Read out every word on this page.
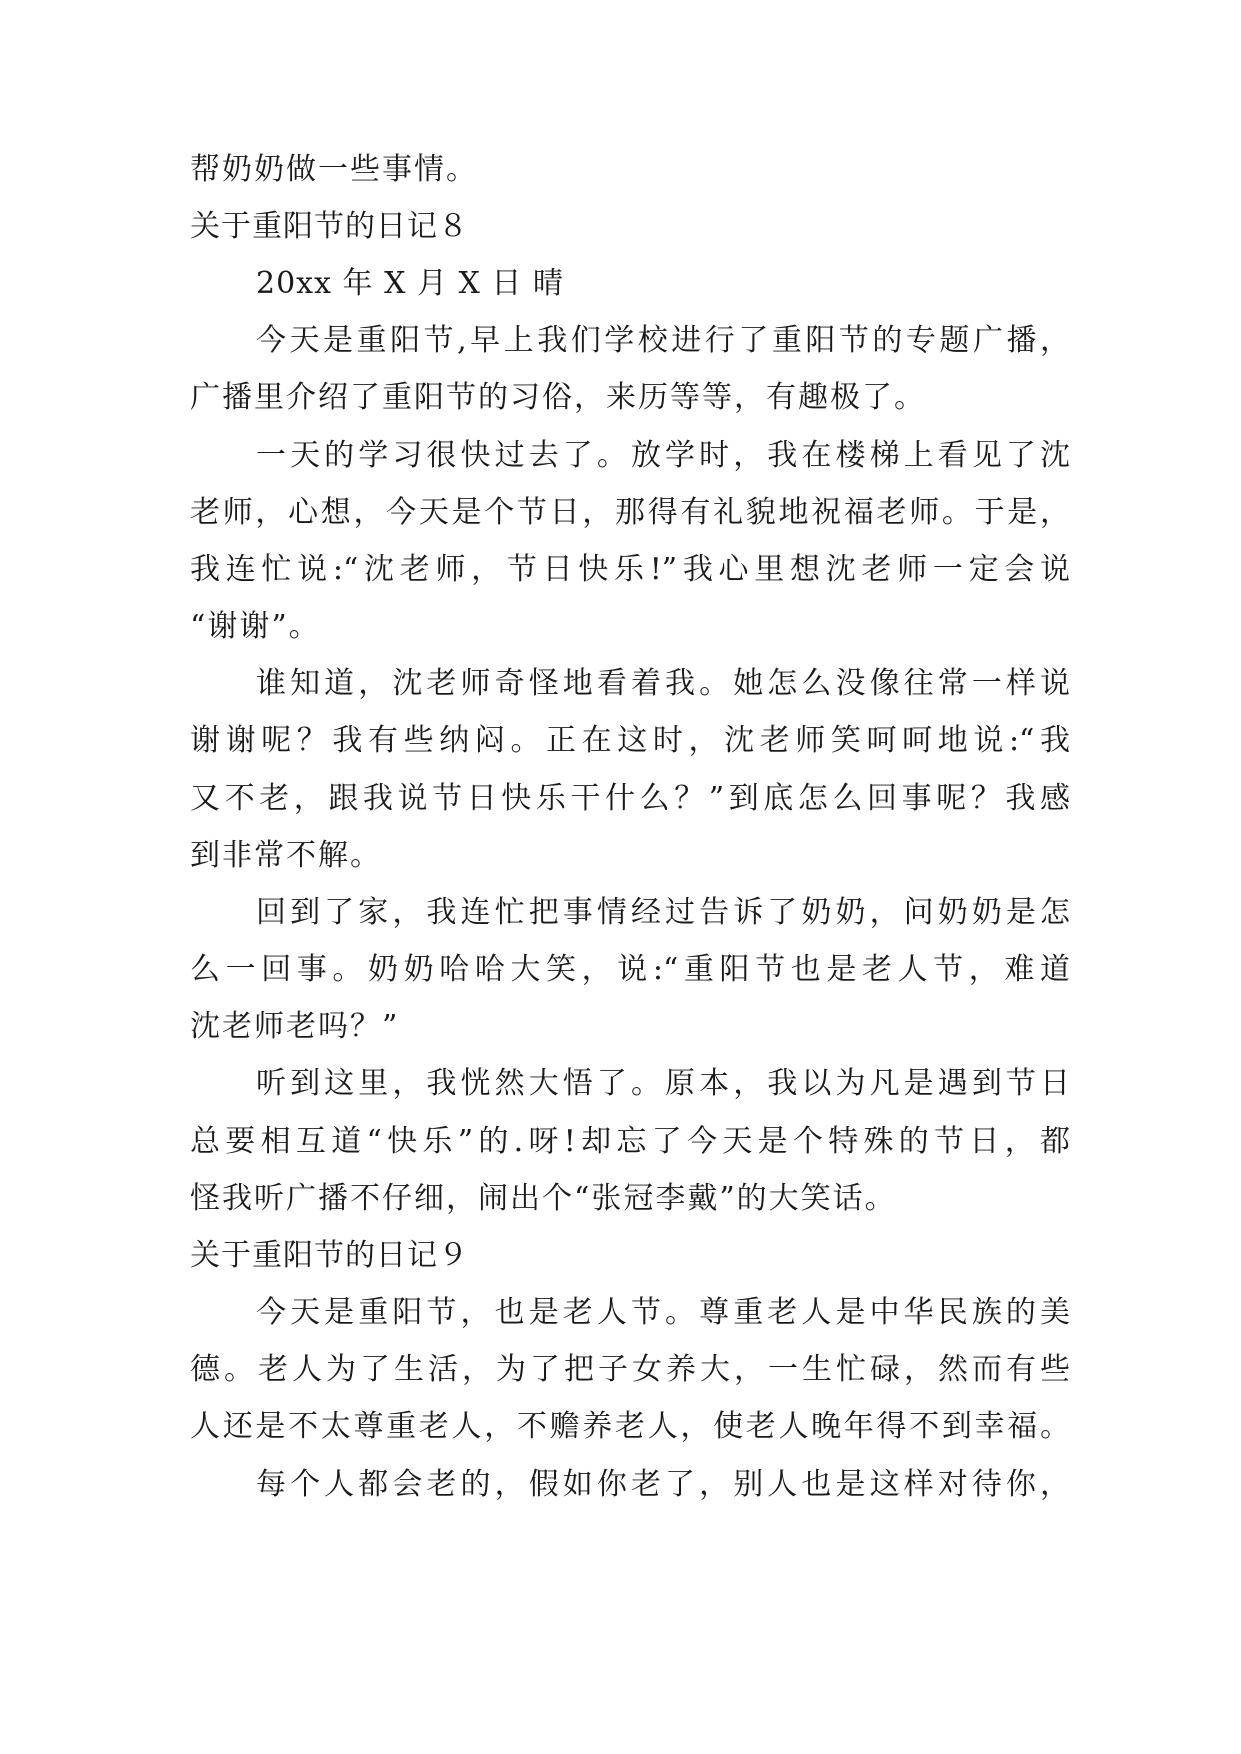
帮奶奶做一些事情。
关于重阳节的日记８
20xx 年 X 月 X 日 晴
今天是重阳节,早上我们学校进行了重阳节的专题广播，
广播里介绍了重阳节的习俗，来历等等，有趣极了。
一天的学习很快过去了。放学时，我在楼梯上看见了沈
老师，心想，今天是个节日，那得有礼貌地祝福老师。于是，
我连忙说:“沈老师，节日快乐!”我心里想沈老师一定会说
“谢谢”。
谁知道，沈老师奇怪地看着我。她怎么没像往常一样说
谢谢呢？我有些纳闷。正在这时，沈老师笑呵呵地说:“我
又不老，跟我说节日快乐干什么？”到底怎么回事呢？我感
到非常不解。
回到了家，我连忙把事情经过告诉了奶奶，问奶奶是怎
么一回事。奶奶哈哈大笑，说:“重阳节也是老人节，难道
沈老师老吗？”
听到这里，我恍然大悟了。原本，我以为凡是遇到节日
总要相互道“快乐”的.呀!却忘了今天是个特殊的节日，都
怪我听广播不仔细，闹出个“张冠李戴”的大笑话。
关于重阳节的日记９
今天是重阳节，也是老人节。尊重老人是中华民族的美
德。老人为了生活，为了把子女养大，一生忙碌，然而有些
人还是不太尊重老人，不赡养老人，使老人晚年得不到幸福。
每个人都会老的，假如你老了，别人也是这样对待你，
